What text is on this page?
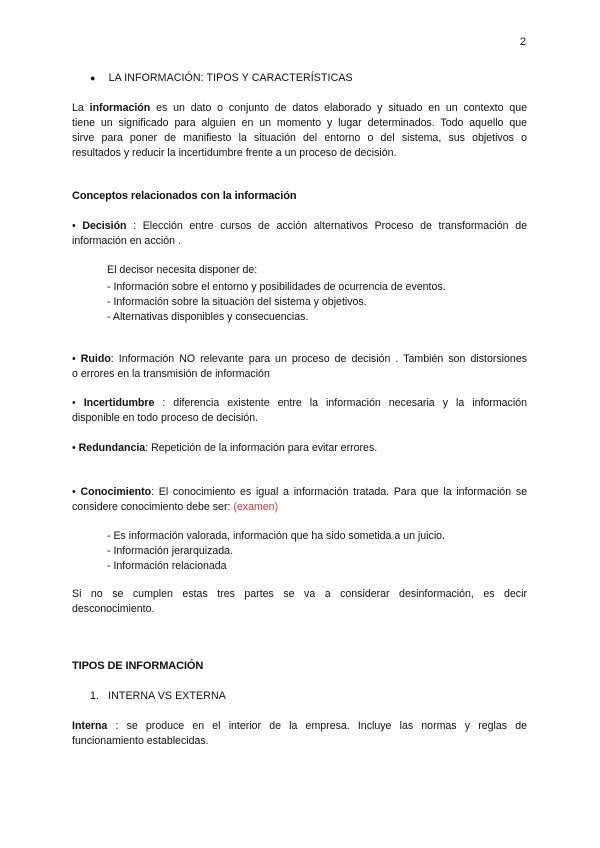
2
● LA INFORMACIÓN: TIPOS Y CARACTERÍSTICAS
La información es un dato o conjunto de datos elaborado y situado en un contexto que
tiene un significado para alguien en un momento y lugar determinados. Todo aquello que
sirve para poner de manifiesto la situación del entorno o del sistema, sus objetivos o
resultados y reducir la incertidumbre frente a un proceso de decisión.
Conceptos relacionados con la información
• Decisión : Elección entre cursos de acción alternativos Proceso de transformación de
información en acción .
El decisor necesita disponer de:
- Información sobre el entorno y posibilidades de ocurrencia de eventos.
- Información sobre la situación del sistema y objetivos.
- Alternativas disponibles y consecuencias.
• Ruido: Información NO relevante para un proceso de decisión . También son distorsiones
o errores en la transmisión de información
• Incertidumbre : diferencia existente entre la información necesaria y la información
disponible en todo proceso de decisión.
• Redundancia: Repetición de la información para evitar errores.
• Conocimiento: El conocimiento es igual a información tratada. Para que la información se
considere conocimiento debe ser: (examen)
- Es información valorada, información que ha sido sometida a un juicio.
- Información jerarquizada.
- Información relacionada
Si no se cumplen estas tres partes se va a considerar desinformación, es decir
desconocimiento.
TIPOS DE INFORMACIÓN
1. INTERNA VS EXTERNA
Interna : se produce en el interior de la empresa. Incluye las normas y reglas de
funcionamiento establecidas.
